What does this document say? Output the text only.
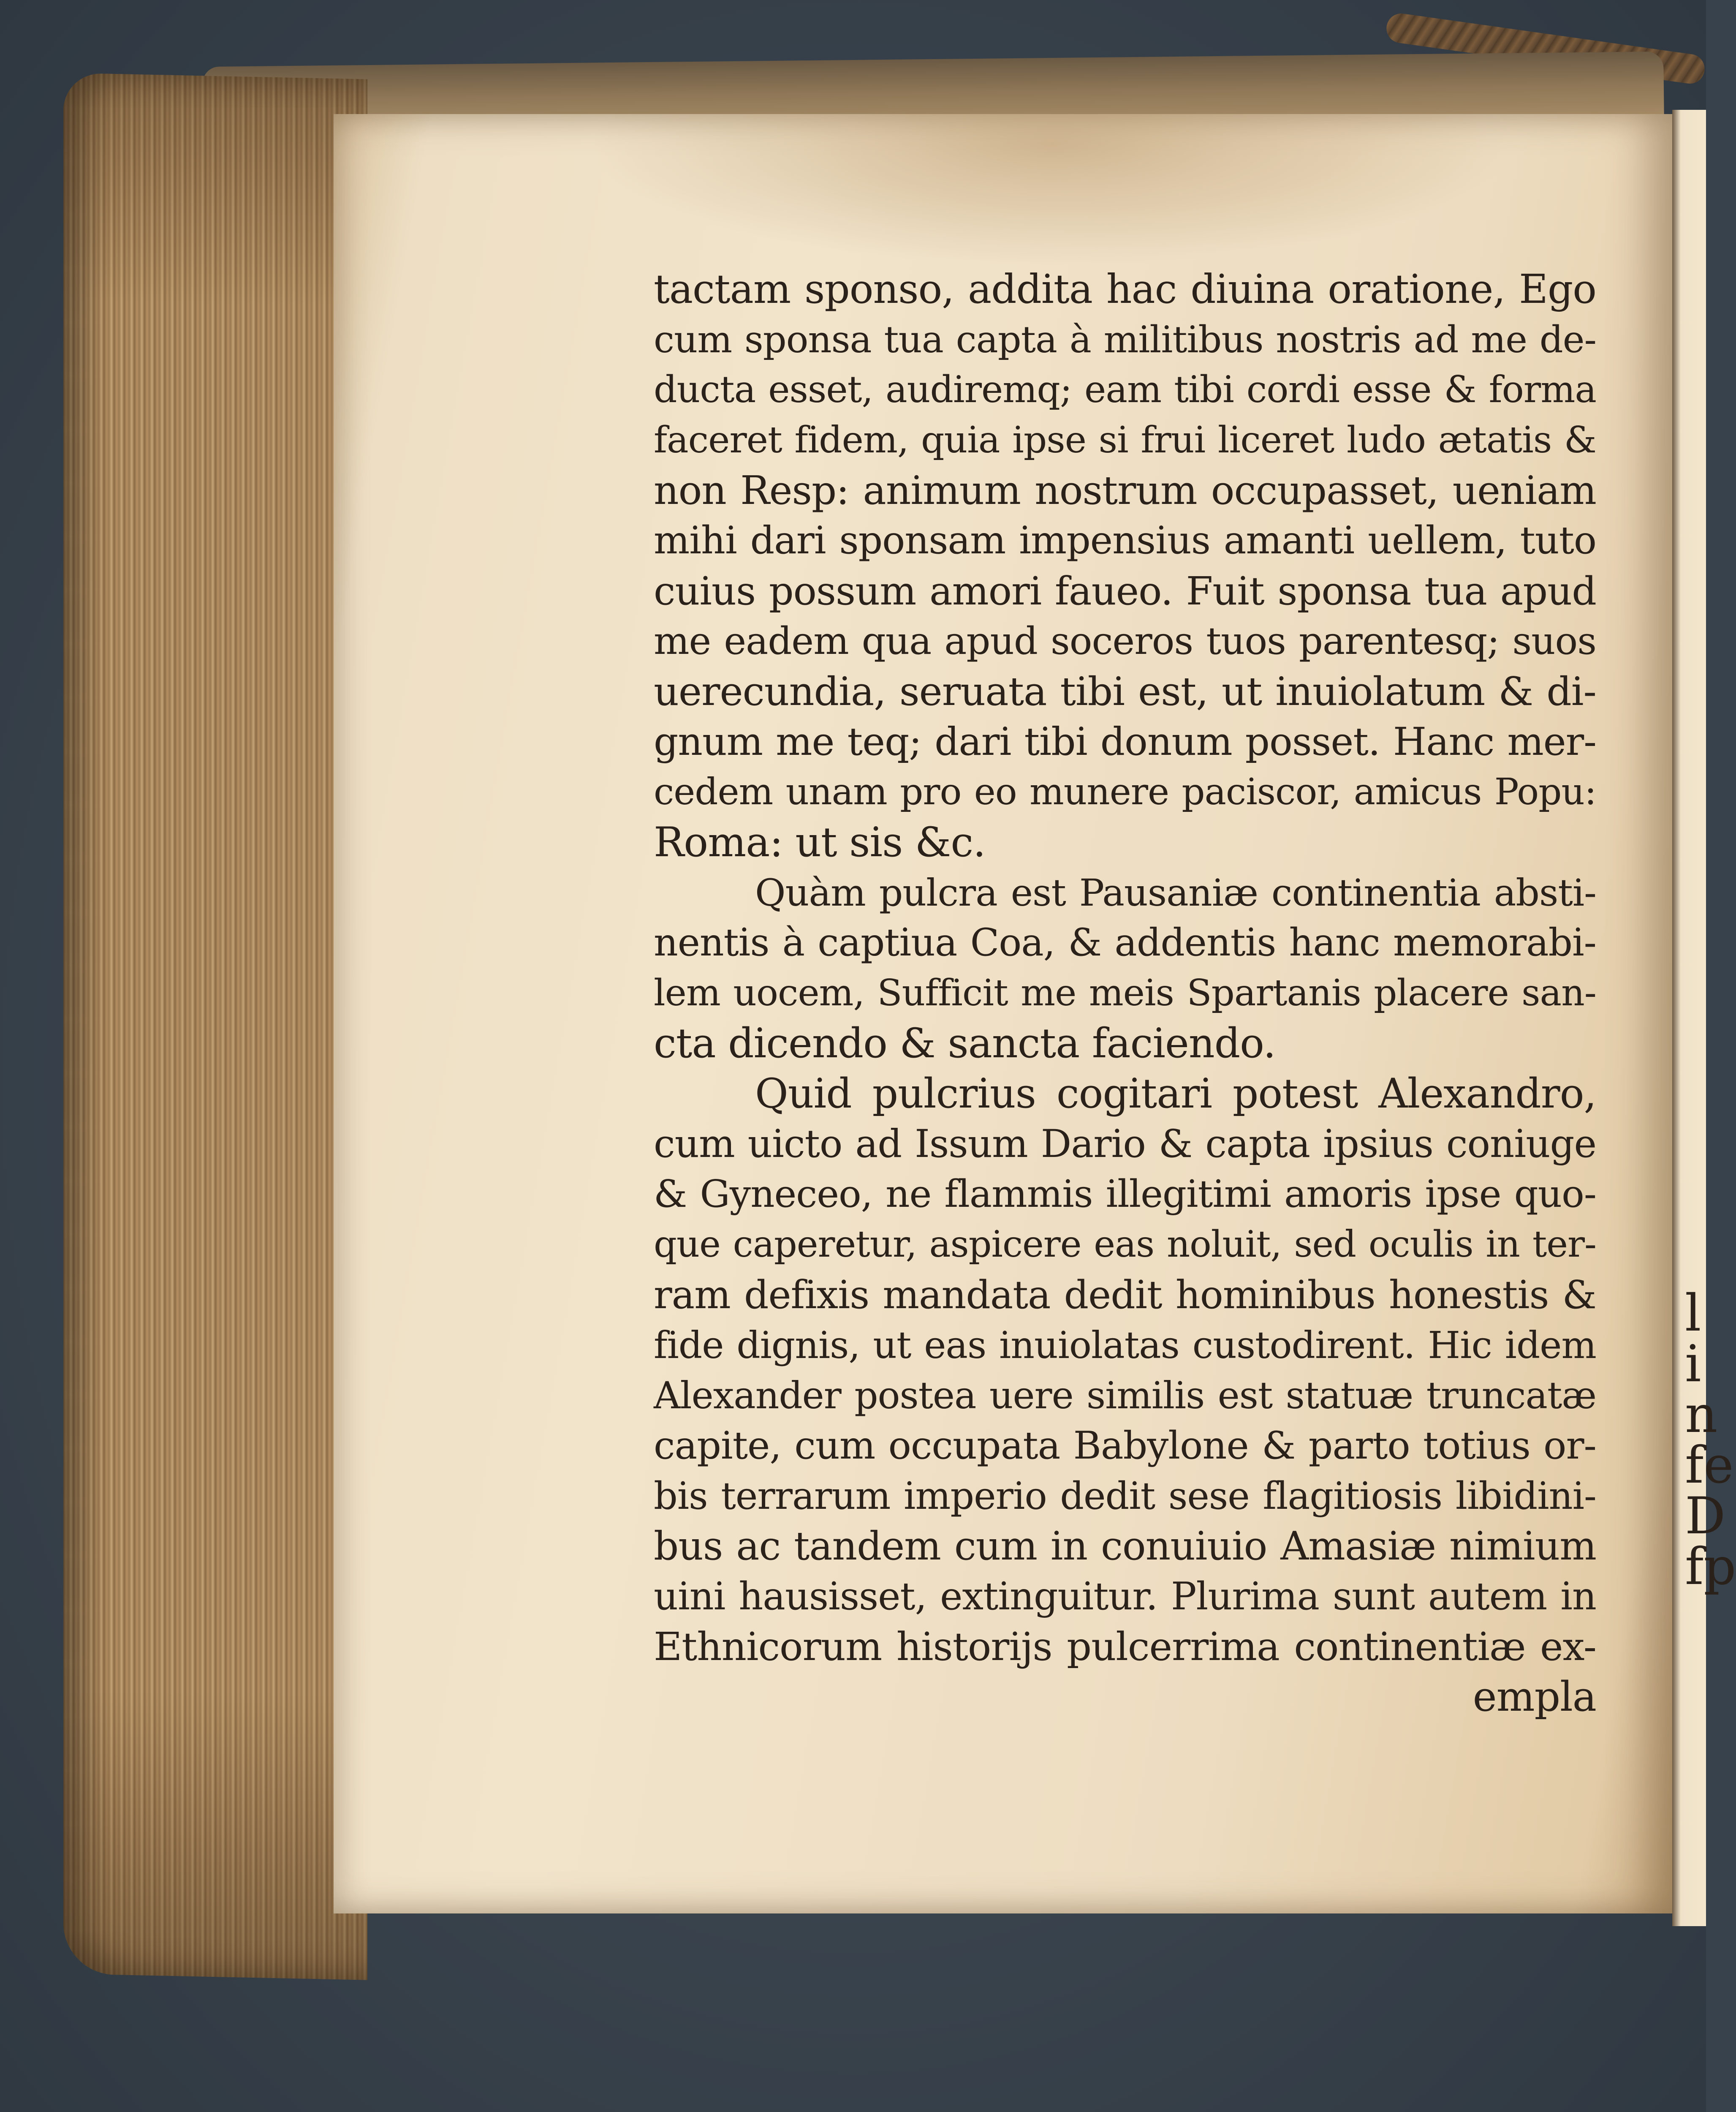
l
i
n
fe
D
fp
tactam sponso, addita hac diuina oratione, Ego
cum sponsa tua capta à militibus nostris ad me de-
ducta esset, audiremq; eam tibi cordi esse & forma
faceret fidem, quia ipse si frui liceret ludo ætatis &
non Resp: animum nostrum occupasset, ueniam
mihi dari sponsam impensius amanti uellem, tuto
cuius possum amori faueo. Fuit sponsa tua apud
me eadem qua apud soceros tuos parentesq; suos
uerecundia, seruata tibi est, ut inuiolatum & di-
gnum me teq; dari tibi donum posset. Hanc mer-
cedem unam pro eo munere paciscor, amicus Popu:
Roma: ut sis &c.
Quàm pulcra est Pausaniæ continentia absti-
nentis à captiua Coa, & addentis hanc memorabi-
lem uocem, Sufficit me meis Spartanis placere san-
cta dicendo & sancta faciendo.
Quid pulcrius cogitari potest Alexandro,
cum uicto ad Issum Dario & capta ipsius coniuge
& Gyneceo, ne flammis illegitimi amoris ipse quo-
que caperetur, aspicere eas noluit, sed oculis in ter-
ram defixis mandata dedit hominibus honestis &
fide dignis, ut eas inuiolatas custodirent. Hic idem
Alexander postea uere similis est statuæ truncatæ
capite, cum occupata Babylone & parto totius or-
bis terrarum imperio dedit sese flagitiosis libidini-
bus ac tandem cum in conuiuio Amasiæ nimium
uini hausisset, extinguitur. Plurima sunt autem in
Ethnicorum historijs pulcerrima continentiæ ex-
empla
